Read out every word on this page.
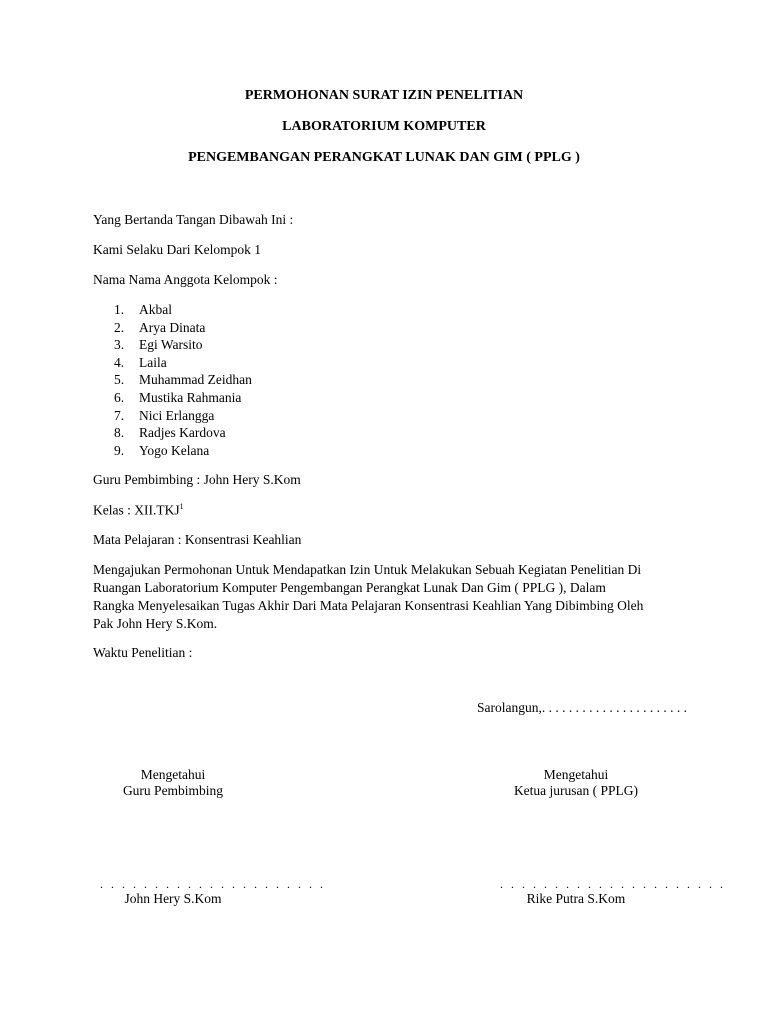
PERMOHONAN SURAT IZIN PENELITIAN
LABORATORIUM KOMPUTER
PENGEMBANGAN PERANGKAT LUNAK DAN GIM ( PPLG )
Yang Bertanda Tangan Dibawah Ini :
Kami Selaku Dari Kelompok 1
Nama Nama Anggota Kelompok :
1. Akbal
2. Arya Dinata
3. Egi Warsito
4. Laila
5. Muhammad Zeidhan
6. Mustika Rahmania
7. Nici Erlangga
8. Radjes Kardova
9. Yogo Kelana
Guru Pembimbing : John Hery S.Kom
Kelas : XII.TKJ$^1$
Mata Pelajaran : Konsentrasi Keahlian
Mengajukan Permohonan Untuk Mendapatkan Izin Untuk Melakukan Sebuah Kegiatan Penelitian Di
Ruangan Laboratorium Komputer Pengembangan Perangkat Lunak Dan Gim ( PPLG ), Dalam
Rangka Menyelesaikan Tugas Akhir Dari Mata Pelajaran Konsentrasi Keahlian Yang Dibimbing Oleh
Pak John Hery S.Kom.
Waktu Penelitian :
Sarolangun,. . . . . . . . . . . . . . . . . . . . . .
Mengetahui
Guru Pembimbing
. . . . . . . . . . . . . . . . . . . . .
John Hery S.Kom
Mengetahui
Ketua jurusan ( PPLG)
. . . . . . . . . . . . . . . . . . . . .
Rike Putra S.Kom
